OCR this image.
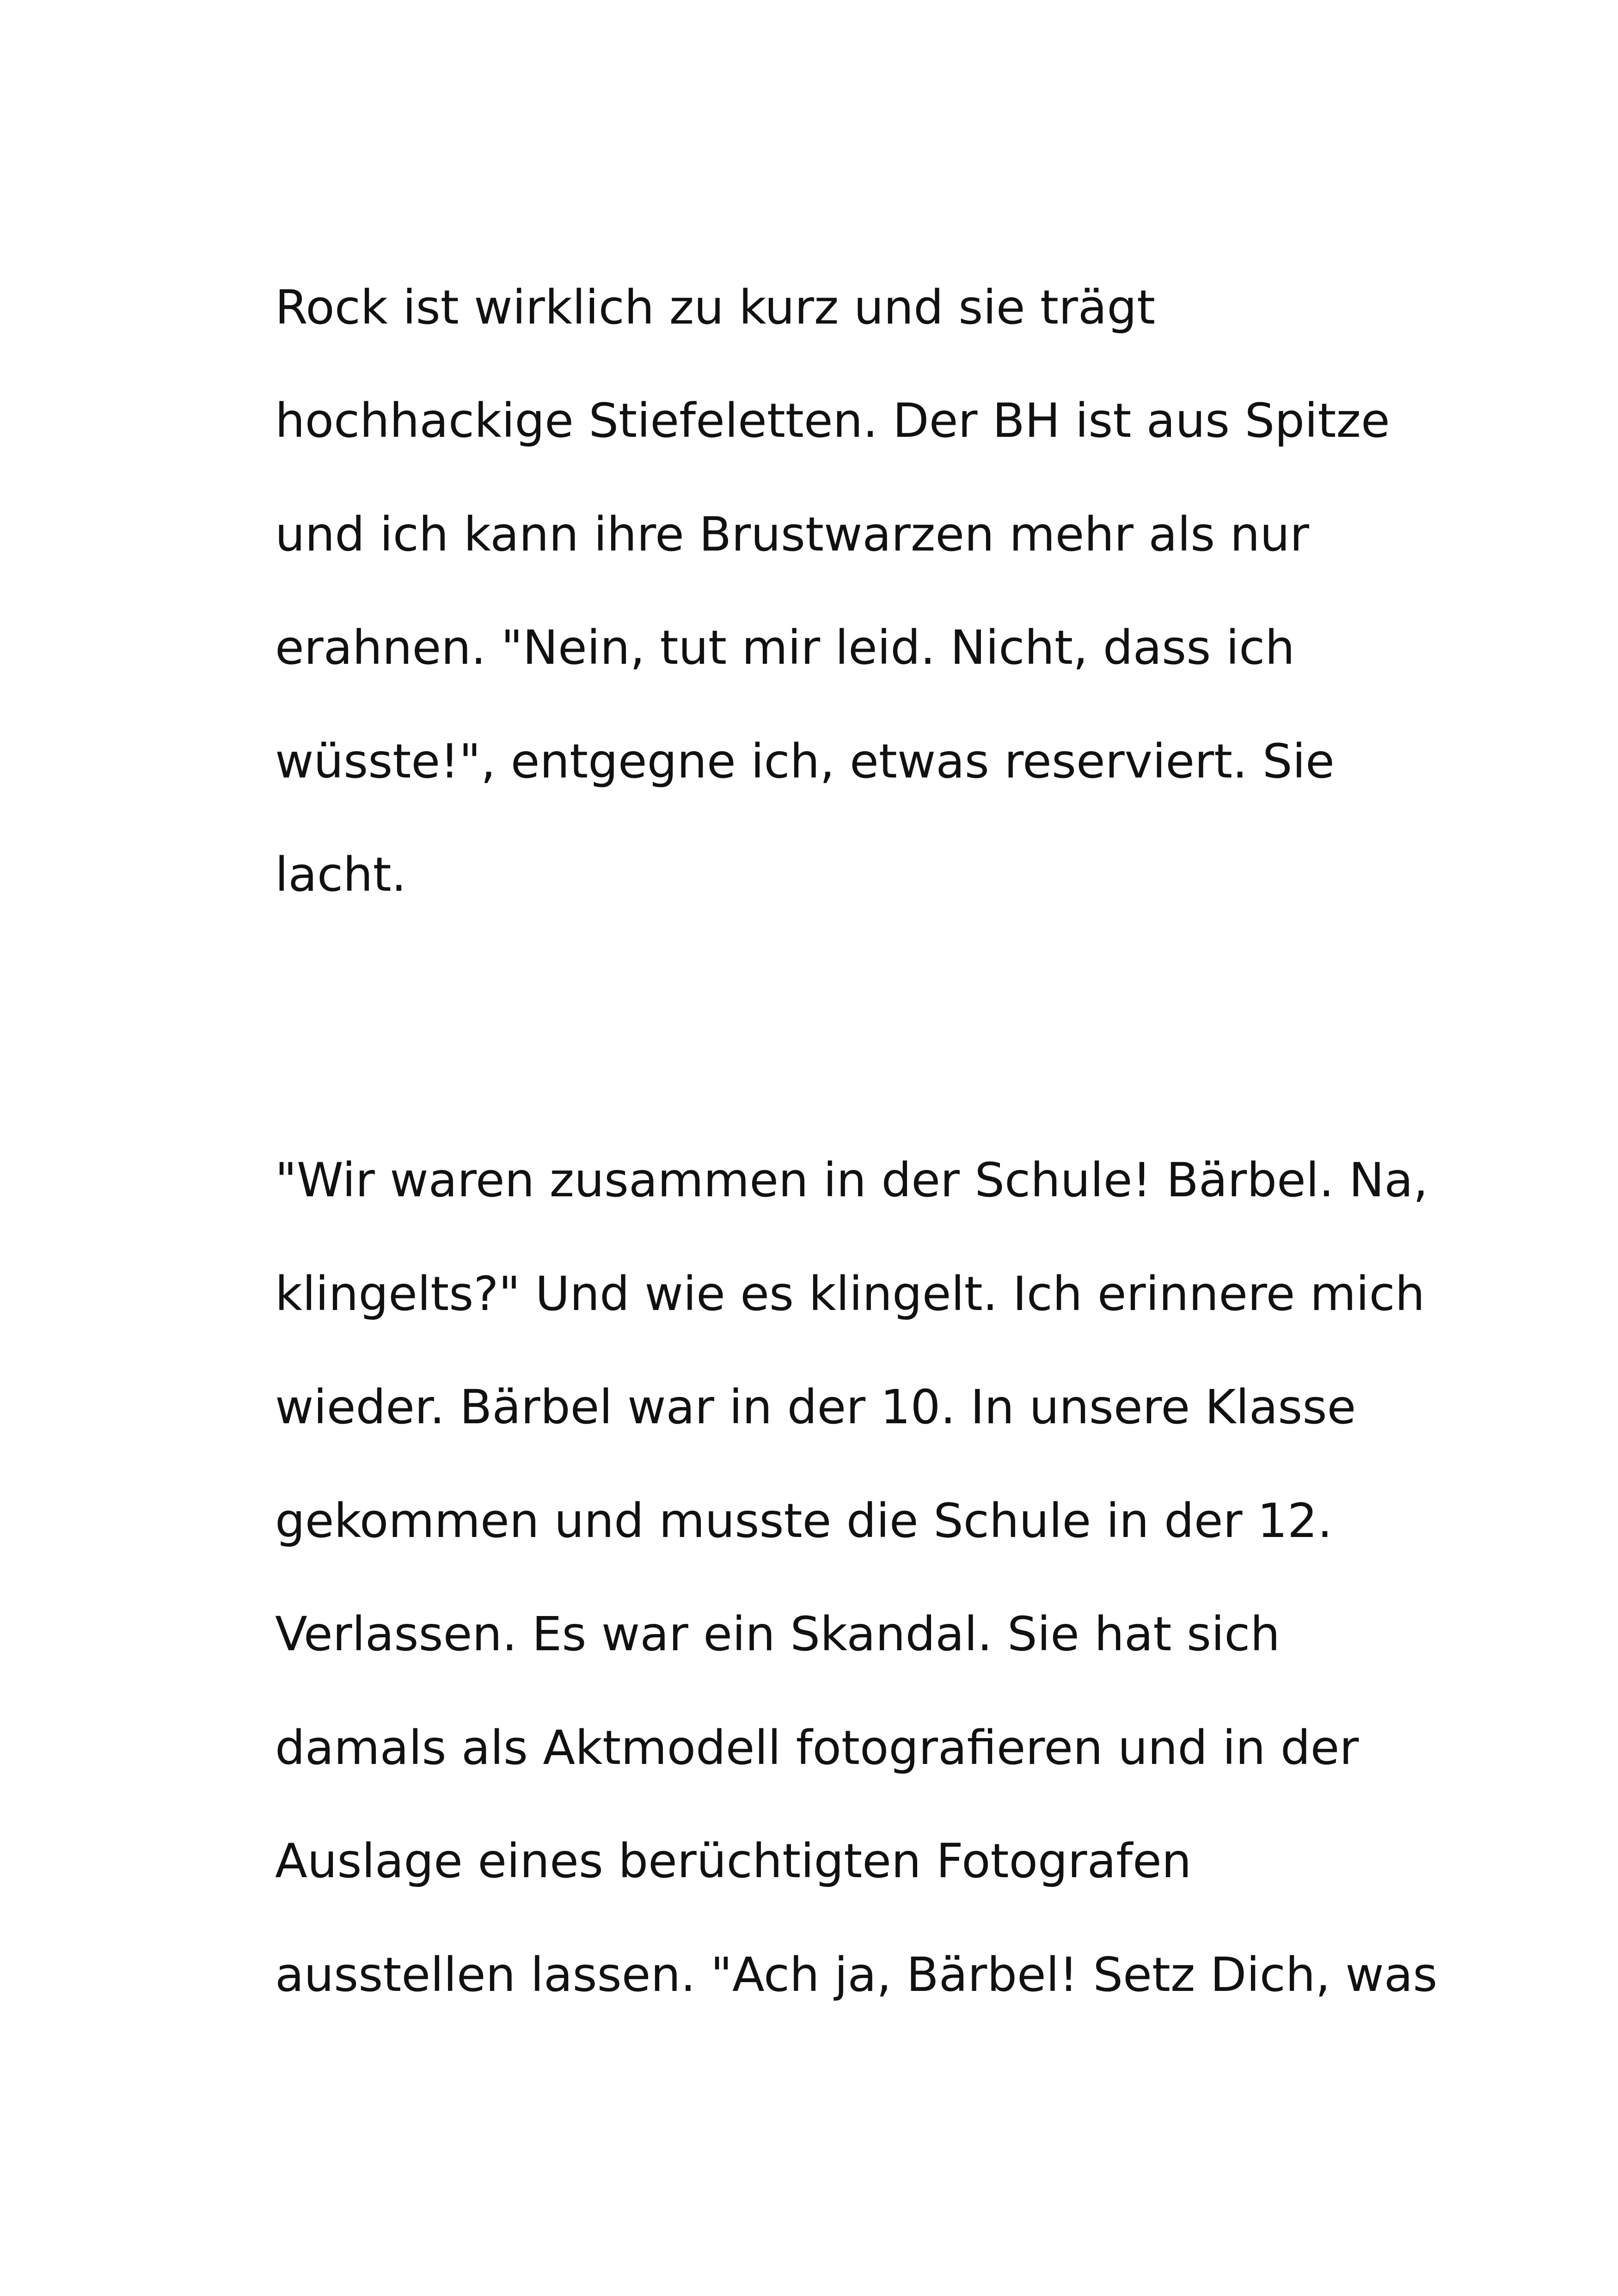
Rock ist wirklich zu kurz und sie trägt
hochhackige Stiefeletten. Der BH ist aus Spitze
und ich kann ihre Brustwarzen mehr als nur
erahnen. "Nein, tut mir leid. Nicht, dass ich
wüsste!", entgegne ich, etwas reserviert. Sie
lacht.
"Wir waren zusammen in der Schule! Bärbel. Na,
klingelts?" Und wie es klingelt. Ich erinnere mich
wieder. Bärbel war in der 10. In unsere Klasse
gekommen und musste die Schule in der 12.
Verlassen. Es war ein Skandal. Sie hat sich
damals als Aktmodell fotografieren und in der
Auslage eines berüchtigten Fotografen
ausstellen lassen. "Ach ja, Bärbel! Setz Dich, was
